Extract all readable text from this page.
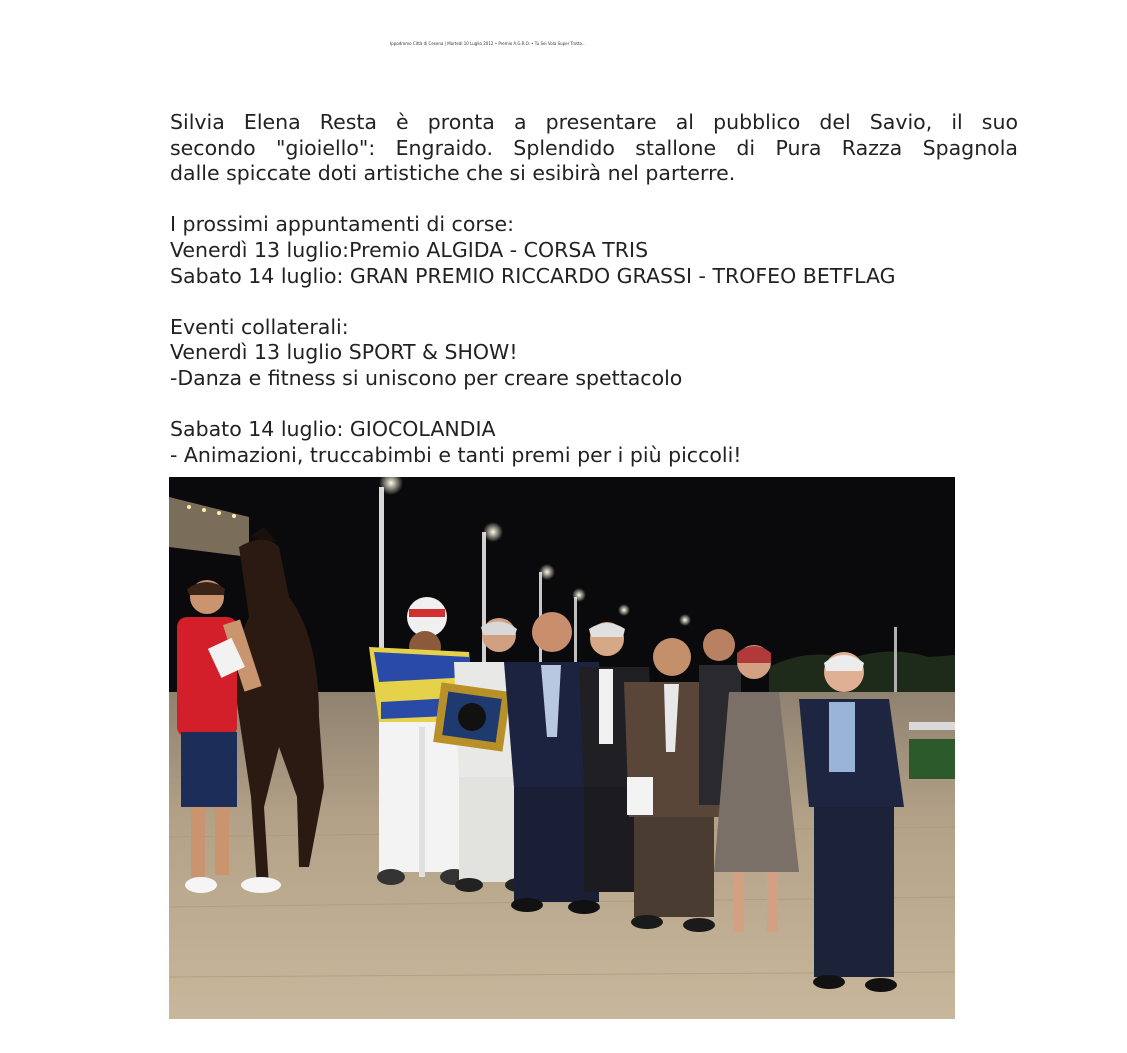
Ippodromo Città di Cesena | Martedì 10 Luglio 2012 • Premio A.G.R.O. • Tu Sei Vola Super Trotto...

Silvia Elena Resta è pronta a presentare al pubblico del Savio, il suo

secondo "gioiello": Engraido. Splendido stallone di Pura Razza Spagnola

dalle spiccate doti artistiche che si esibirà nel parterre.

I prossimi appuntamenti di corse:
Venerdì 13 luglio:Premio ALGIDA - CORSA TRIS
Sabato 14 luglio: GRAN PREMIO RICCARDO GRASSI - TROFEO BETFLAG
Eventi collaterali:
Venerdì 13 luglio SPORT & SHOW!
-Danza e fitness si uniscono per creare spettacolo
Sabato 14 luglio: GIOCOLANDIA
- Animazioni, truccabimbi e tanti premi per i più piccoli!
